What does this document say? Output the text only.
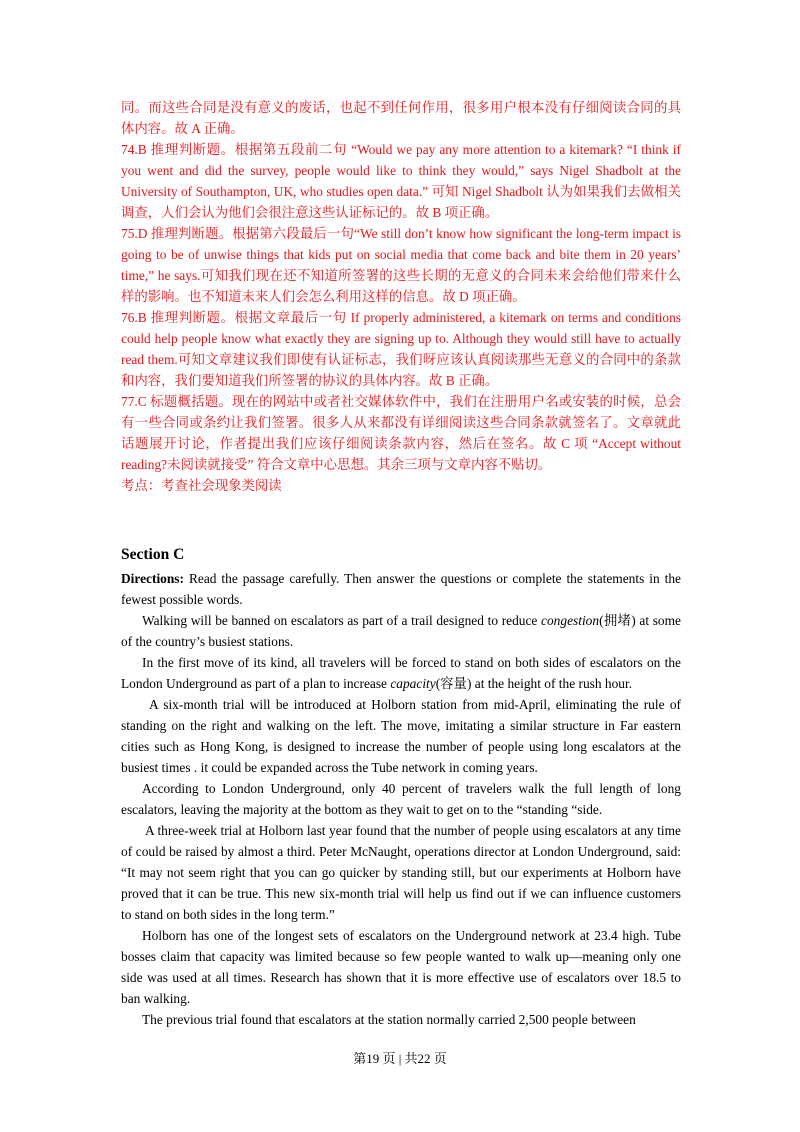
同。而这些合同是没有意义的废话，也起不到任何作用，很多用户根本没有仔细阅读合同的具体内容。故 A 正确。

74.B 推理判断题。根据第五段前二句 “Would we pay any more attention to a kitemark? “I think if you went and did the survey, people would like to think they would,” says Nigel Shadbolt at the University of Southampton, UK, who studies open data.” 可知 Nigel Shadbolt 认为如果我们去做相关调查，人们会认为他们会很注意这些认证标记的。故 B 项正确。

75.D 推理判断题。根据第六段最后一句“We still don’t know how significant the long-term impact is going to be of unwise things that kids put on social media that come back and bite them in 20 years’ time,” he says.可知我们现在还不知道所签署的这些长期的无意义的合同未来会给他们带来什么样的影响。也不知道未来人们会怎么利用这样的信息。故 D 项正确。

76.B 推理判断题。根据文章最后一句 If properly administered, a kitemark on terms and conditions could help people know what exactly they are signing up to. Although they would still have to actually read them.可知文章建议我们即使有认证标志，我们呀应该认真阅读那些无意义的合同中的条款和内容，我们要知道我们所签署的协议的具体内容。故 B 正确。

77.C 标题概括题。现在的网站中或者社交媒体软件中，我们在注册用户名或安装的时候，总会有一些合同或条约让我们签署。很多人从来都没有详细阅读这些合同条款就签名了。文章就此话题展开讨论，作者提出我们应该仔细阅读条款内容，然后在签名。故 C 项 “Accept without reading?未阅读就接受” 符合文章中心思想。其余三项与文章内容不贴切。

考点：考查社会现象类阅读

Section C

Directions: Read the passage carefully. Then answer the questions or complete the statements in the fewest possible words.

Walking will be banned on escalators as part of a trail designed to reduce congestion(拥堵) at some of the country’s busiest stations.

In the first move of its kind, all travelers will be forced to stand on both sides of escalators on the London Underground as part of a plan to increase capacity(容量) at the height of the rush hour.

A six-month trial will be introduced at Holborn station from mid-April, eliminating the rule of standing on the right and walking on the left. The move, imitating a similar structure in Far eastern cities such as Hong Kong, is designed to increase the number of people using long escalators at the busiest times . it could be expanded across the Tube network in coming years.

According to London Underground, only 40 percent of travelers walk the full length of long escalators, leaving the majority at the bottom as they wait to get on to the “standing “side.

A three-week trial at Holborn last year found that the number of people using escalators at any time of could be raised by almost a third. Peter McNaught, operations director at London Underground, said: “It may not seem right that you can go quicker by standing still, but our experiments at Holborn have proved that it can be true. This new six-month trial will help us find out if we can influence customers to stand on both sides in the long term.”

Holborn has one of the longest sets of escalators on the Underground network at 23.4 high. Tube bosses claim that capacity was limited because so few people wanted to walk up—meaning only one side was used at all times. Research has shown that it is more effective use of escalators over 18.5 to ban walking.

The previous trial found that escalators at the station normally carried 2,500 people between

第19 页 | 共22 页
